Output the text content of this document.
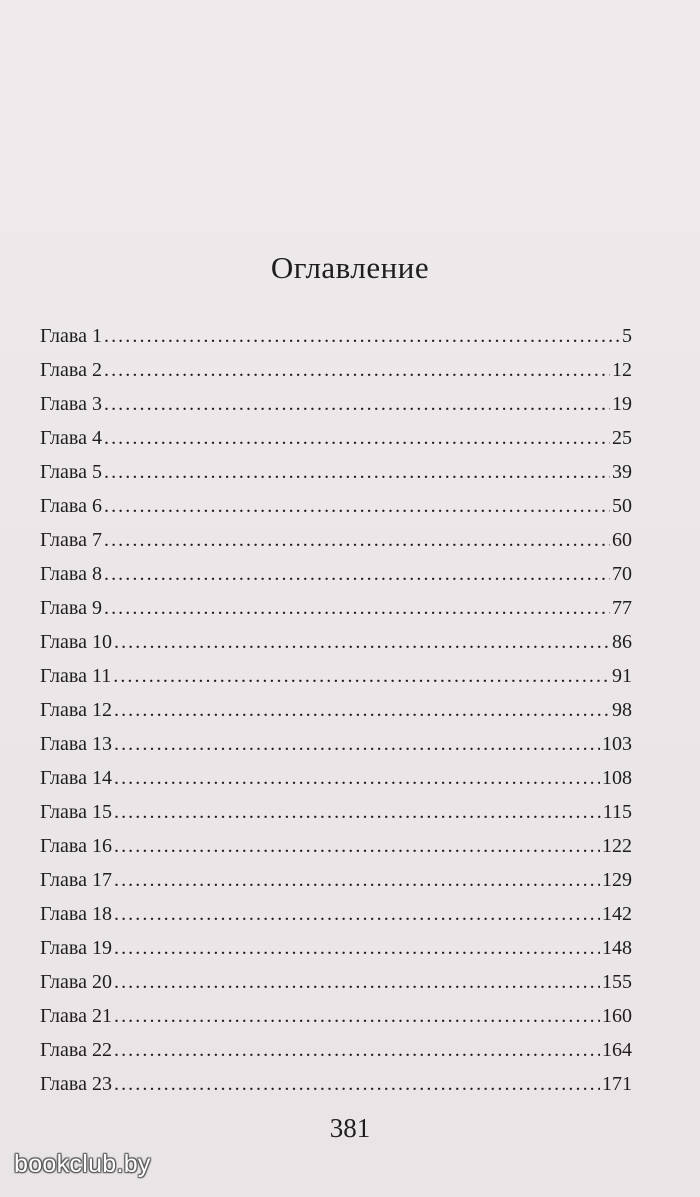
Оглавление
Глава 1 .....	5
Глава 2 .....	12
Глава 3 .....	19
Глава 4 .....	25
Глава 5 .....	39
Глава 6 .....	50
Глава 7 .....	60
Глава 8 .....	70
Глава 9 .....	77
Глава 10 .....	86
Глава 11 .....	91
Глава 12 .....	98
Глава 13 .....	103
Глава 14 .....	108
Глава 15 .....	115
Глава 16 .....	122
Глава 17 .....	129
Глава 18 .....	142
Глава 19 .....	148
Глава 20 .....	155
Глава 21 .....	160
Глава 22 .....	164
Глава 23 .....	171
381
bookclub.by
